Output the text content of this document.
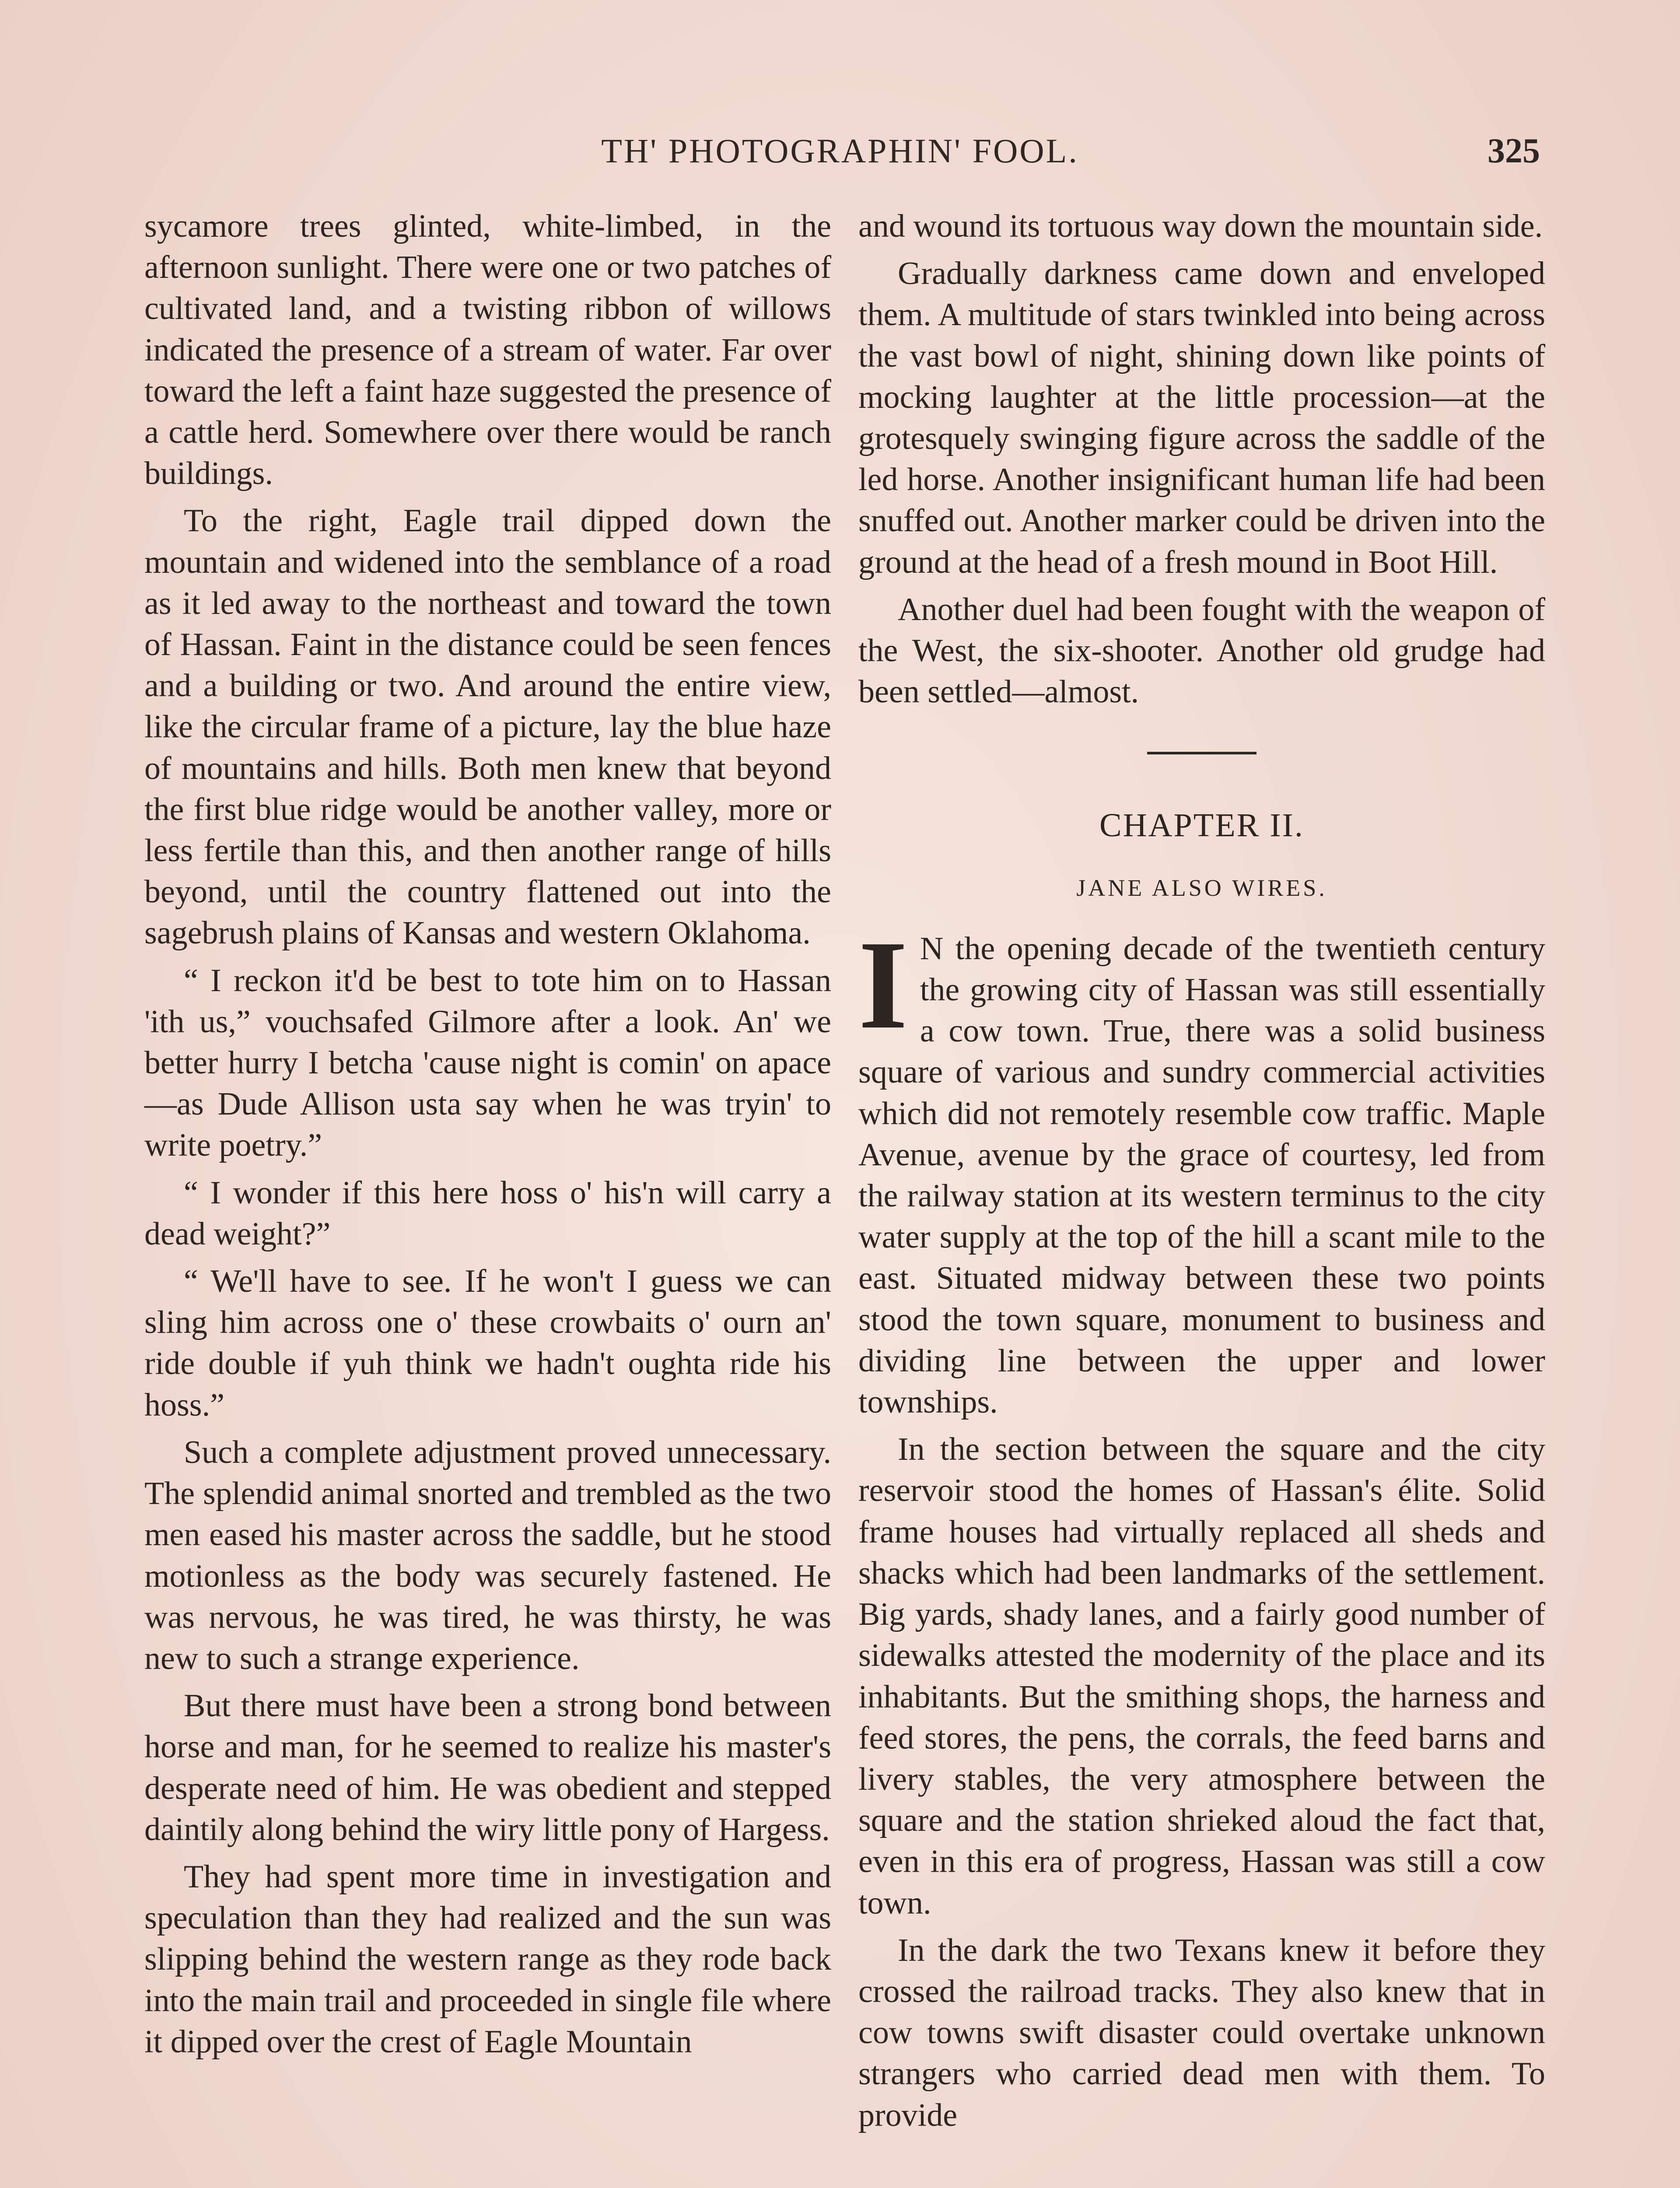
TH' PHOTOGRAPHIN' FOOL.	325

sycamore trees glinted, white-limbed, in the afternoon sunlight. There were one or two patches of cultivated land, and a twisting ribbon of willows indicated the presence of a stream of water. Far over toward the left a faint haze suggested the presence of a cattle herd. Somewhere over there would be ranch buildings.

To the right, Eagle trail dipped down the mountain and widened into the semblance of a road as it led away to the northeast and toward the town of Hassan. Faint in the distance could be seen fences and a building or two. And around the entire view, like the circular frame of a picture, lay the blue haze of mountains and hills. Both men knew that beyond the first blue ridge would be another valley, more or less fertile than this, and then another range of hills beyond, until the country flattened out into the sagebrush plains of Kansas and western Oklahoma.

“ I reckon it'd be best to tote him on to Hassan 'ith us,” vouchsafed Gilmore after a look. An' we better hurry I betcha 'cause night is comin' on apace—as Dude Allison usta say when he was tryin' to write poetry.”

“ I wonder if this here hoss o' his'n will carry a dead weight?”

“ We'll have to see. If he won't I guess we can sling him across one o' these crowbaits o' ourn an' ride double if yuh think we hadn't oughta ride his hoss.”

Such a complete adjustment proved unnecessary. The splendid animal snorted and trembled as the two men eased his master across the saddle, but he stood motionless as the body was securely fastened. He was nervous, he was tired, he was thirsty, he was new to such a strange experience.

But there must have been a strong bond between horse and man, for he seemed to realize his master's desperate need of him. He was obedient and stepped daintily along behind the wiry little pony of Hargess.

They had spent more time in investigation and speculation than they had realized and the sun was slipping behind the western range as they rode back into the main trail and proceeded in single file where it dipped over the crest of Eagle Mountain

and wound its tortuous way down the mountain side.

Gradually darkness came down and enveloped them. A multitude of stars twinkled into being across the vast bowl of night, shining down like points of mocking laughter at the little procession—at the grotesquely swinging figure across the saddle of the led horse. Another insignificant human life had been snuffed out. Another marker could be driven into the ground at the head of a fresh mound in Boot Hill.

Another duel had been fought with the weapon of the West, the six-shooter. Another old grudge had been settled—almost.

CHAPTER II.
JANE ALSO WIRES.

I N the opening decade of the twentieth century the growing city of Hassan was still essentially a cow town. True, there was a solid business square of various and sundry commercial activities which did not remotely resemble cow traffic. Maple Avenue, avenue by the grace of courtesy, led from the railway station at its western terminus to the city water supply at the top of the hill a scant mile to the east. Situated midway between these two points stood the town square, monument to business and dividing line between the upper and lower townships.

In the section between the square and the city reservoir stood the homes of Hassan's élite. Solid frame houses had virtually replaced all sheds and shacks which had been landmarks of the settlement. Big yards, shady lanes, and a fairly good number of sidewalks attested the modernity of the place and its inhabitants. But the smithing shops, the harness and feed stores, the pens, the corrals, the feed barns and livery stables, the very atmosphere between the square and the station shrieked aloud the fact that, even in this era of progress, Hassan was still a cow town.

In the dark the two Texans knew it before they crossed the railroad tracks. They also knew that in cow towns swift disaster could overtake unknown strangers who carried dead men with them. To provide
